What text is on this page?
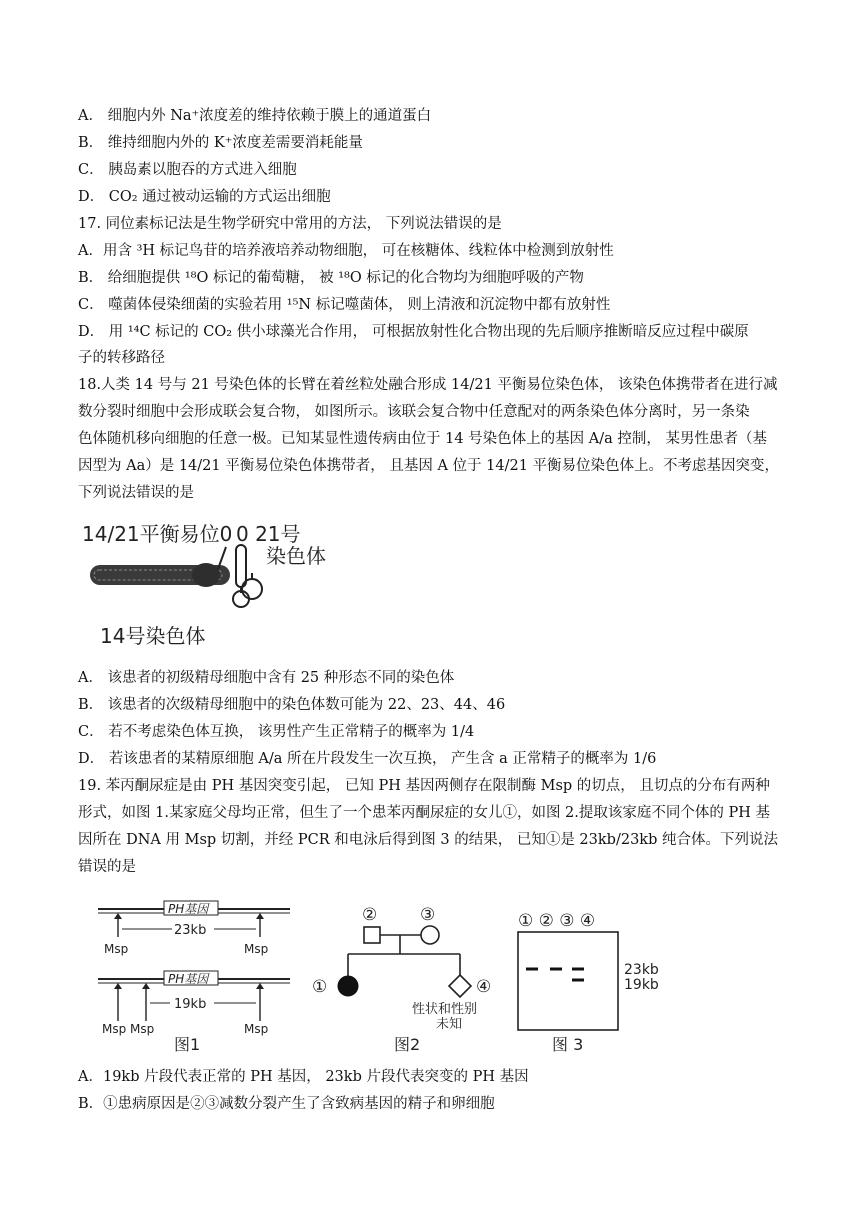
A． 细胞内外 Na⁺浓度差的维持依赖于膜上的通道蛋白
B． 维持细胞内外的 K⁺浓度差需要消耗能量
C． 胰岛素以胞吞的方式进入细胞
D． CO₂ 通过被动运输的方式运出细胞
17. 同位素标记法是生物学研究中常用的方法， 下列说法错误的是
A．用含 ³H 标记鸟苷的培养液培养动物细胞， 可在核糖体、线粒体中检测到放射性
B． 给细胞提供 ¹⁸O 标记的葡萄糖， 被 ¹⁸O 标记的化合物均为细胞呼吸的产物
C． 噬菌体侵染细菌的实验若用 ¹⁵N 标记噬菌体， 则上清液和沉淀物中都有放射性
D． 用 ¹⁴C 标记的 CO₂ 供小球藻光合作用， 可根据放射性化合物出现的先后顺序推断暗反应过程中碳原
子的转移路径
18.人类 14 号与 21 号染色体的长臂在着丝粒处融合形成 14/21 平衡易位染色体， 该染色体携带者在进行减
数分裂时细胞中会形成联会复合物， 如图所示。该联会复合物中任意配对的两条染色体分离时，另一条染
色体随机移向细胞的任意一极。已知某显性遗传病由位于 14 号染色体上的基因 A/a 控制， 某男性患者（基
因型为 Aa）是 14/21 平衡易位染色体携带者， 且基因 A 位于 14/21 平衡易位染色体上。不考虑基因突变，
下列说法错误的是
14/21平衡易位0 0 21号
染色体
14号染色体
A． 该患者的初级精母细胞中含有 25 种形态不同的染色体
B． 该患者的次级精母细胞中的染色体数可能为 22、23、44、46
C． 若不考虑染色体互换， 该男性产生正常精子的概率为 1/4
D． 若该患者的某精原细胞 A/a 所在片段发生一次互换， 产生含 a 正常精子的概率为 1/6
19. 苯丙酮尿症是由 PH 基因突变引起， 已知 PH 基因两侧存在限制酶 Msp 的切点， 且切点的分布有两种
形式，如图 1.某家庭父母均正常，但生了一个患苯丙酮尿症的女儿①，如图 2.提取该家庭不同个体的 PH 基
因所在 DNA 用 Msp 切割，并经 PCR 和电泳后得到图 3 的结果， 已知①是 23kb/23kb 纯合体。下列说法
错误的是
PH基因
23kb
Msp	Msp
PH基因
19kb
Msp Msp	Msp
图1
②	③
①	④
性状和性别
未知
图2
① ② ③ ④
23kb
19kb
图 3
A．19kb 片段代表正常的 PH 基因， 23kb 片段代表突变的 PH 基因
B．①患病原因是②③减数分裂产生了含致病基因的精子和卵细胞
